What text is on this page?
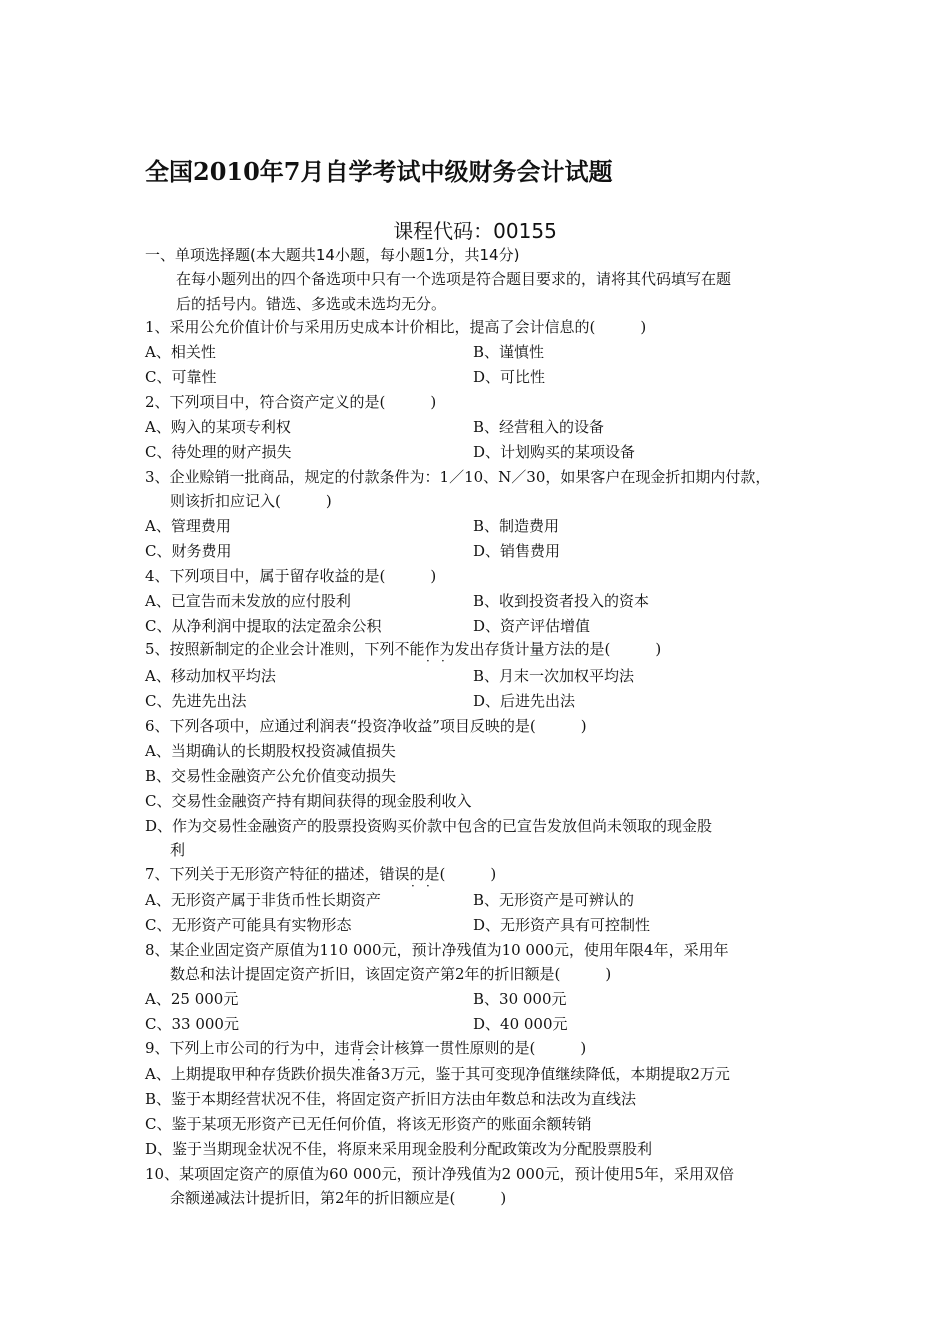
全国2010年7月自学考试中级财务会计试题
课程代码：00155
一、单项选择题(本大题共14小题，每小题1分，共14分)
在每小题列出的四个备选项中只有一个选项是符合题目要求的，请将其代码填写在题
后的括号内。错选、多选或未选均无分。
1、采用公允价值计价与采用历史成本计价相比，提高了会计信息的(　　　)
A、相关性	B、谨慎性
C、可靠性	D、可比性
2、下列项目中，符合资产定义的是(　　　)
A、购入的某项专利权	B、经营租入的设备
C、待处理的财产损失	D、计划购买的某项设备
3、企业赊销一批商品，规定的付款条件为：1／10、N／30，如果客户在现金折扣期内付款，
则该折扣应记入(　　　)
A、管理费用	B、制造费用
C、财务费用	D、销售费用
4、下列项目中，属于留存收益的是(　　　)
A、已宣告而未发放的应付股利	B、收到投资者投入的资本
C、从净利润中提取的法定盈余公积	D、资产评估增值
5、按照新制定的企业会计准则，下列不能作为发出存货计量方法的是(　　　)
· ·
A、移动加权平均法	B、月末一次加权平均法
C、先进先出法	D、后进先出法
6、下列各项中，应通过利润表“投资净收益”项目反映的是(　　　)
A、当期确认的长期股权投资减值损失
B、交易性金融资产公允价值变动损失
C、交易性金融资产持有期间获得的现金股利收入
D、作为交易性金融资产的股票投资购买价款中包含的已宣告发放但尚未领取的现金股
利
7、下列关于无形资产特征的描述，错误的是(　　　)
· ·
A、无形资产属于非货币性长期资产	B、无形资产是可辨认的
C、无形资产可能具有实物形态	D、无形资产具有可控制性
8、某企业固定资产原值为110 000元，预计净残值为10 000元，使用年限4年，采用年
数总和法计提固定资产折旧，该固定资产第2年的折旧额是(　　　)
A、25 000元	B、30 000元
C、33 000元	D、40 000元
9、下列上市公司的行为中，违背会计核算一贯性原则的是(　　　)
· ·
A、上期提取甲种存货跌价损失准备3万元，鉴于其可变现净值继续降低，本期提取2万元
B、鉴于本期经营状况不佳，将固定资产折旧方法由年数总和法改为直线法
C、鉴于某项无形资产已无任何价值，将该无形资产的账面余额转销
D、鉴于当期现金状况不佳，将原来采用现金股利分配政策改为分配股票股利
10、某项固定资产的原值为60 000元，预计净残值为2 000元，预计使用5年，采用双倍
余额递减法计提折旧，第2年的折旧额应是(　　　)
